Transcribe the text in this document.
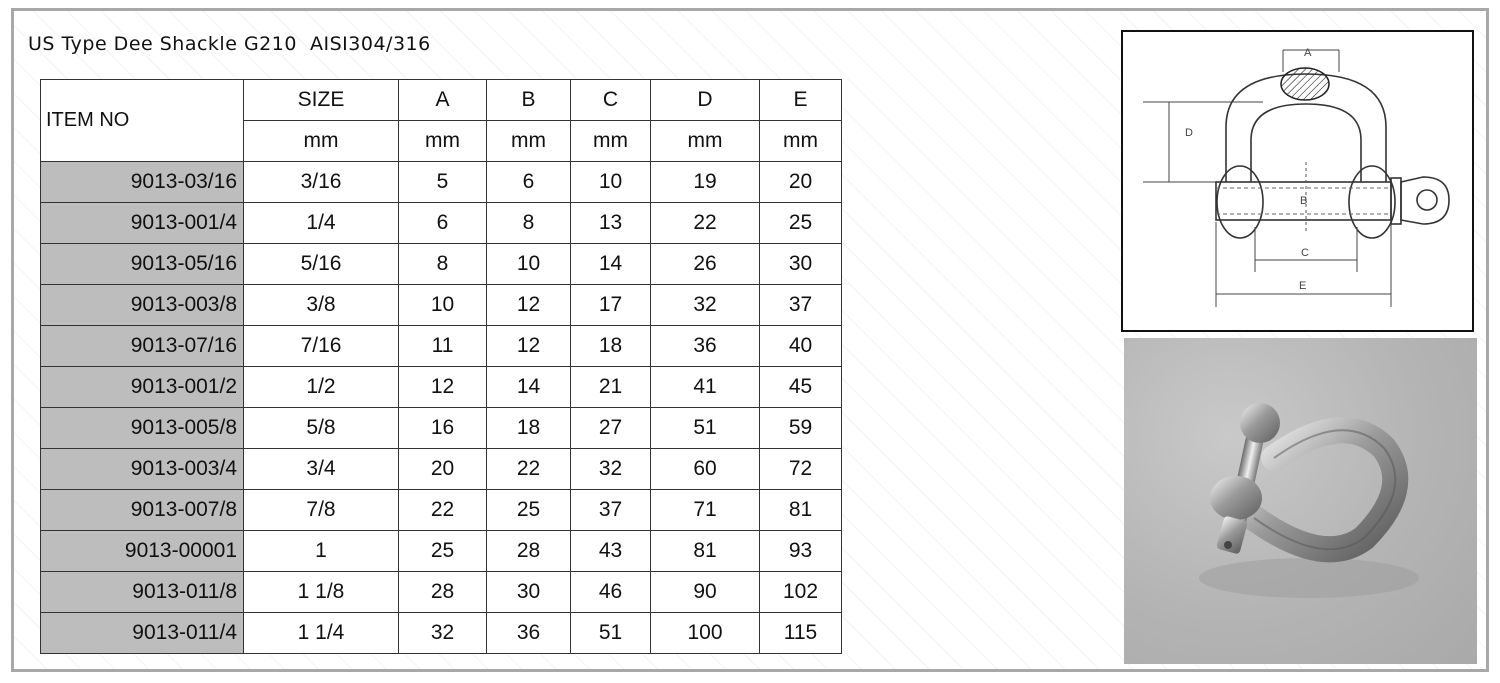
US Type Dee Shackle G210  AISI304/316
ITEM NO	SIZE	A	B	C	D	E
	mm	mm	mm	mm	mm	mm
9013-03/16	3/16	5	6	10	19	20
9013-001/4	1/4	6	8	13	22	25
9013-05/16	5/16	8	10	14	26	30
9013-003/8	3/8	10	12	17	32	37
9013-07/16	7/16	11	12	18	36	40
9013-001/2	1/2	12	14	21	41	45
9013-005/8	5/8	16	18	27	51	59
9013-003/4	3/4	20	22	32	60	72
9013-007/8	7/8	22	25	37	71	81
9013-00001	1	25	28	43	81	93
9013-011/8	1 1/8	28	30	46	90	102
9013-011/4	1 1/4	32	36	51	100	115
D
A
B
C
E
